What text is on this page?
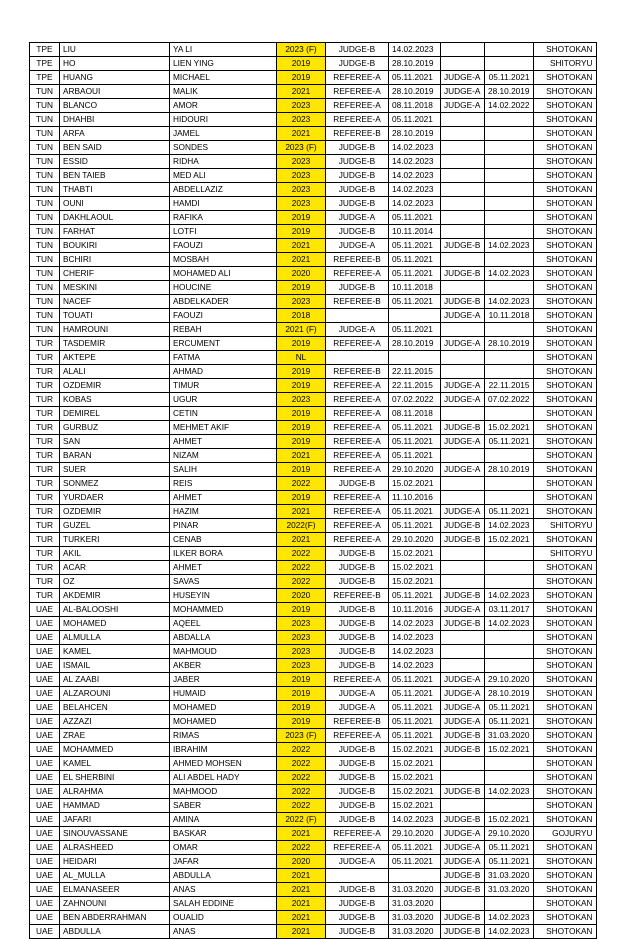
TPE	LIU	YA LI	2023 (F)	JUDGE-B	14.02.2023			SHOTOKAN
TPE	HO	LIEN YING	2019	JUDGE-B	28.10.2019			SHITORYU
TPE	HUANG	MICHAEL	2019	REFEREE-A	05.11.2021	JUDGE-A	05.11.2021	SHOTOKAN
TUN	ARBAOUI	MALIK	2021	REFEREE-A	28.10.2019	JUDGE-A	28.10.2019	SHOTOKAN
TUN	BLANCO	AMOR	2023	REFEREE-A	08.11.2018	JUDGE-A	14.02.2022	SHOTOKAN
TUN	DHAHBI	HIDOURI	2023	REFEREE-A	05.11.2021			SHOTOKAN
TUN	ARFA	JAMEL	2021	REFEREE-B	28.10.2019			SHOTOKAN
TUN	BEN SAID	SONDES	2023 (F)	JUDGE-B	14.02.2023			SHOTOKAN
TUN	ESSID	RIDHA	2023	JUDGE-B	14.02.2023			SHOTOKAN
TUN	BEN TAIEB	MED ALI	2023	JUDGE-B	14.02.2023			SHOTOKAN
TUN	THABTI	ABDELLAZIZ	2023	JUDGE-B	14.02.2023			SHOTOKAN
TUN	OUNI	HAMDI	2023	JUDGE-B	14.02.2023			SHOTOKAN
TUN	DAKHLAOUL	RAFIKA	2019	JUDGE-A	05.11.2021			SHOTOKAN
TUN	FARHAT	LOTFI	2019	JUDGE-B	10.11.2014			SHOTOKAN
TUN	BOUKIRI	FAOUZI	2021	JUDGE-A	05.11.2021	JUDGE-B	14.02.2023	SHOTOKAN
TUN	BCHIRI	MOSBAH	2021	REFEREE-B	05.11.2021			SHOTOKAN
TUN	CHERIF	MOHAMED ALI	2020	REFEREE-A	05.11.2021	JUDGE-B	14.02.2023	SHOTOKAN
TUN	MESKINI	HOUCINE	2019	JUDGE-B	10.11.2018			SHOTOKAN
TUN	NACEF	ABDELKADER	2023	REFEREE-B	05.11.2021	JUDGE-B	14.02.2023	SHOTOKAN
TUN	TOUATI	FAOUZI	2018			JUDGE-A	10.11.2018	SHOTOKAN
TUN	HAMROUNI	REBAH	2021 (F)	JUDGE-A	05.11.2021			SHOTOKAN
TUR	TASDEMIR	ERCUMENT	2019	REFEREE-A	28.10.2019	JUDGE-A	28.10.2019	SHOTOKAN
TUR	AKTEPE	FATMA	NL					SHOTOKAN
TUR	ALALI	AHMAD	2019	REFEREE-B	22.11.2015			SHOTOKAN
TUR	OZDEMIR	TIMUR	2019	REFEREE-A	22.11.2015	JUDGE-A	22.11.2015	SHOTOKAN
TUR	KOBAS	UGUR	2023	REFEREE-A	07.02.2022	JUDGE-A	07.02.2022	SHOTOKAN
TUR	DEMIREL	CETIN	2019	REFEREE-A	08.11.2018			SHOTOKAN
TUR	GURBUZ	MEHMET AKIF	2019	REFEREE-A	05.11.2021	JUDGE-B	15.02.2021	SHOTOKAN
TUR	SAN	AHMET	2019	REFEREE-A	05.11.2021	JUDGE-A	05.11.2021	SHOTOKAN
TUR	BARAN	NIZAM	2021	REFEREE-A	05.11.2021			SHOTOKAN
TUR	SUER	SALIH	2019	REFEREE-A	29.10.2020	JUDGE-A	28.10.2019	SHOTOKAN
TUR	SONMEZ	REIS	2022	JUDGE-B	15.02.2021			SHOTOKAN
TUR	YURDAER	AHMET	2019	REFEREE-A	11.10.2016			SHOTOKAN
TUR	OZDEMIR	HAZIM	2021	REFEREE-A	05.11.2021	JUDGE-A	05.11.2021	SHOTOKAN
TUR	GUZEL	PINAR	2022(F)	REFEREE-A	05.11.2021	JUDGE-B	14.02.2023	SHITORYU
TUR	TURKERI	CENAB	2021	REFEREE-A	29.10.2020	JUDGE-B	15.02.2021	SHOTOKAN
TUR	AKIL	ILKER BORA	2022	JUDGE-B	15.02.2021			SHITORYU
TUR	ACAR	AHMET	2022	JUDGE-B	15.02.2021			SHOTOKAN
TUR	OZ	SAVAS	2022	JUDGE-B	15.02.2021			SHOTOKAN
TUR	AKDEMIR	HUSEYIN	2020	REFEREE-B	05.11.2021	JUDGE-B	14.02.2023	SHOTOKAN
UAE	AL-BALOOSHI	MOHAMMED	2019	JUDGE-B	10.11.2016	JUDGE-A	03.11.2017	SHOTOKAN
UAE	MOHAMED	AQEEL	2023	JUDGE-B	14.02.2023	JUDGE-B	14.02.2023	SHOTOKAN
UAE	ALMULLA	ABDALLA	2023	JUDGE-B	14.02.2023			SHOTOKAN
UAE	KAMEL	MAHMOUD	2023	JUDGE-B	14.02.2023			SHOTOKAN
UAE	ISMAIL	AKBER	2023	JUDGE-B	14.02.2023			SHOTOKAN
UAE	AL ZAABI	JABER	2019	REFEREE-A	05.11.2021	JUDGE-A	29.10.2020	SHOTOKAN
UAE	ALZAROUNI	HUMAID	2019	JUDGE-A	05.11.2021	JUDGE-A	28.10.2019	SHOTOKAN
UAE	BELAHCEN	MOHAMED	2019	JUDGE-A	05.11.2021	JUDGE-A	05.11.2021	SHOTOKAN
UAE	AZZAZI	MOHAMED	2019	REFEREE-B	05.11.2021	JUDGE-A	05.11.2021	SHOTOKAN
UAE	ZRAE	RIMAS	2023 (F)	REFEREE-A	05.11.2021	JUDGE-B	31.03.2020	SHOTOKAN
UAE	MOHAMMED	IBRAHIM	2022	JUDGE-B	15.02.2021	JUDGE-B	15.02.2021	SHOTOKAN
UAE	KAMEL	AHMED MOHSEN	2022	JUDGE-B	15.02.2021			SHOTOKAN
UAE	EL SHERBINI	ALI ABDEL HADY	2022	JUDGE-B	15.02.2021			SHOTOKAN
UAE	ALRAHMA	MAHMOOD	2022	JUDGE-B	15.02.2021	JUDGE-B	14.02.2023	SHOTOKAN
UAE	HAMMAD	SABER	2022	JUDGE-B	15.02.2021			SHOTOKAN
UAE	JAFARI	AMINA	2022 (F)	JUDGE-B	14.02.2023	JUDGE-B	15.02.2021	SHOTOKAN
UAE	SINOUVASSANE	BASKAR	2021	REFEREE-A	29.10.2020	JUDGE-A	29.10.2020	GOJURYU
UAE	ALRASHEED	OMAR	2022	REFEREE-A	05.11.2021	JUDGE-A	05.11.2021	SHOTOKAN
UAE	HEIDARI	JAFAR	2020	JUDGE-A	05.11.2021	JUDGE-A	05.11.2021	SHOTOKAN
UAE	AL_MULLA	ABDULLA	2021			JUDGE-B	31.03.2020	SHOTOKAN
UAE	ELMANASEER	ANAS	2021	JUDGE-B	31.03.2020	JUDGE-B	31.03.2020	SHOTOKAN
UAE	ZAHNOUNI	SALAH EDDINE	2021	JUDGE-B	31.03.2020			SHOTOKAN
UAE	BEN ABDERRAHMAN	OUALID	2021	JUDGE-B	31.03.2020	JUDGE-B	14.02.2023	SHOTOKAN
UAE	ABDULLA	ANAS	2021	JUDGE-B	31.03.2020	JUDGE-B	14.02.2023	SHOTOKAN
